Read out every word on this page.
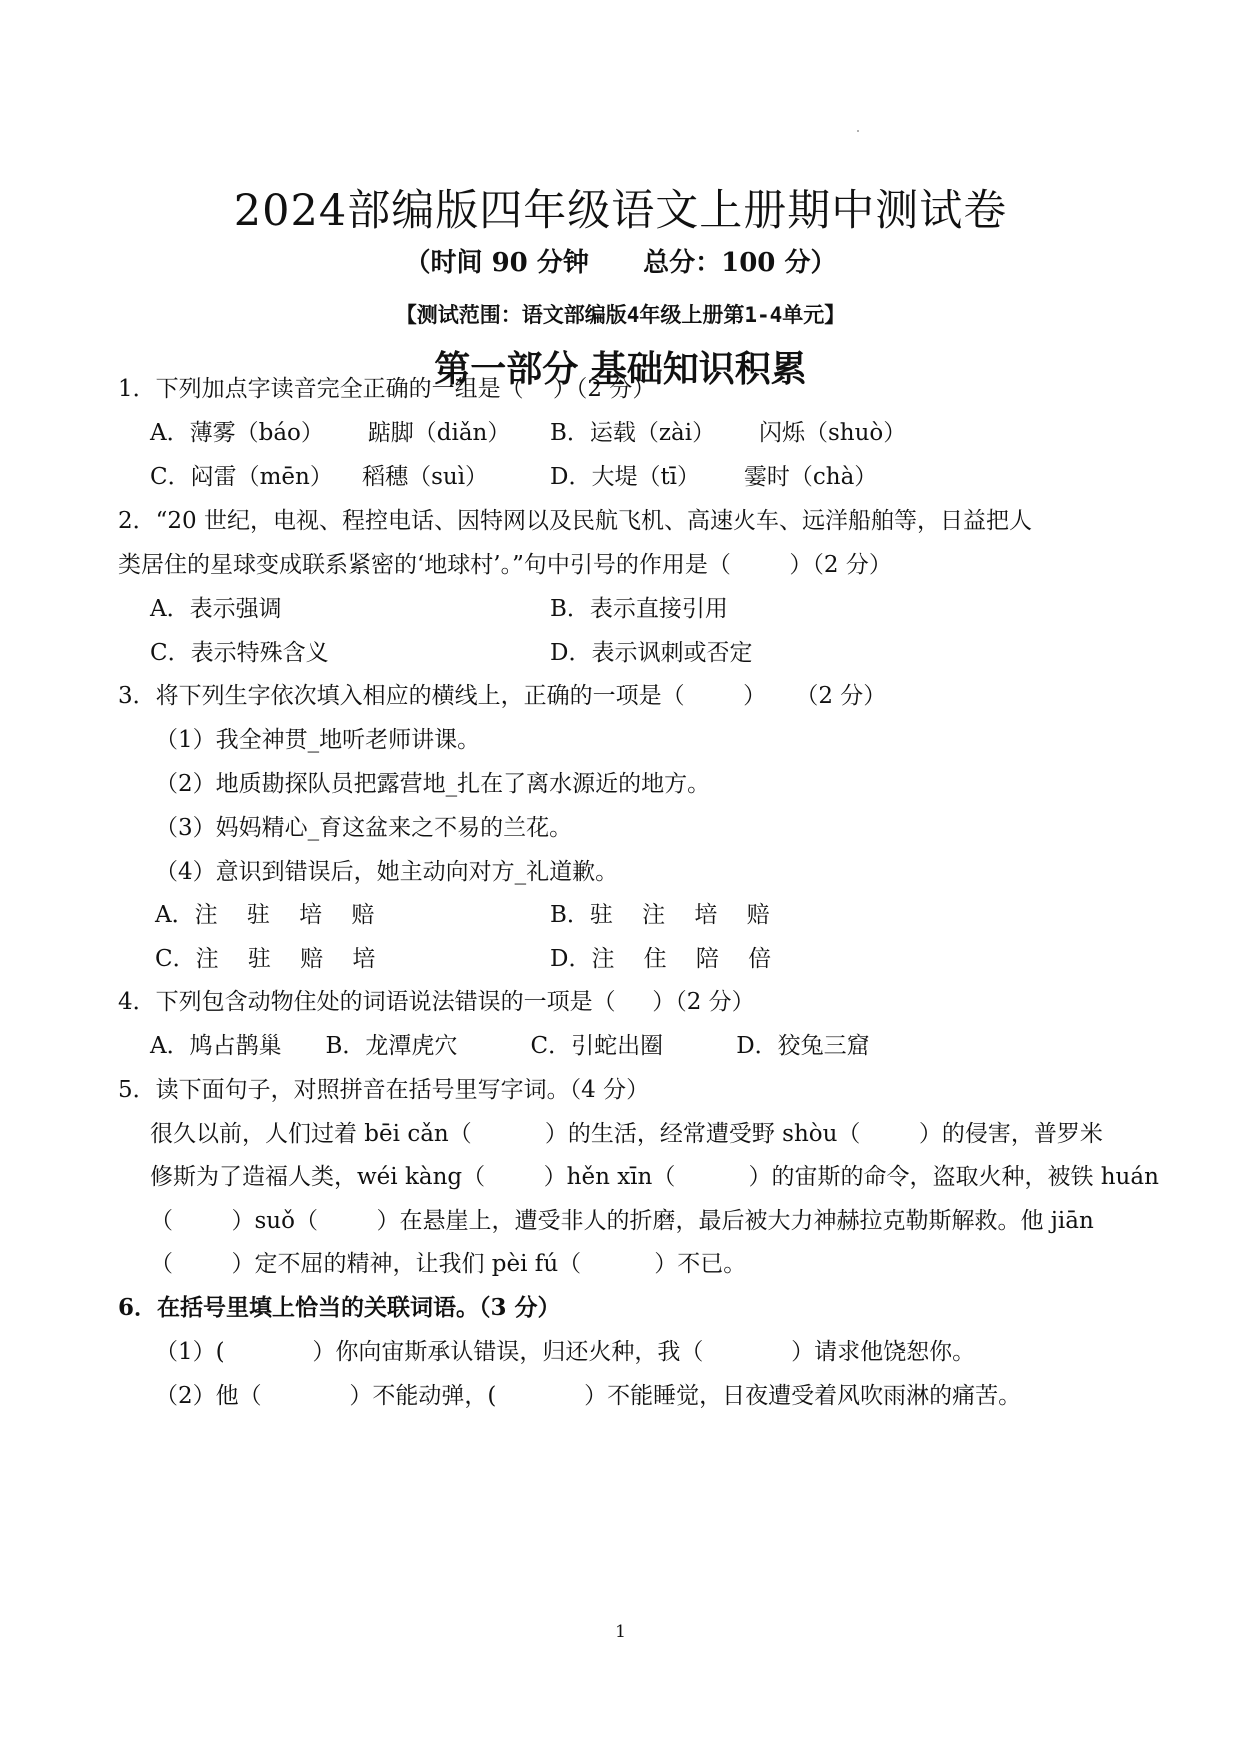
2024部编版四年级语文上册期中测试卷
（时间 90 分钟      总分：100 分）
【测试范围：语文部编版4年级上册第1-4单元】
第一部分 基础知识积累
1．下列加点字读音完全正确的一组是（    ）（2 分）
A．薄雾（báo）      踮脚（diǎn） B．运载（zài）      闪烁（shuò）
C．闷雷（mēn）    稻穗（suì）	D．大堤（tī）      霎时（chà）
2．“20 世纪，电视、程控电话、因特网以及民航飞机、高速火车、远洋船舶等，日益把人
类居住的星球变成联系紧密的‘地球村’。”句中引号的作用是（        ）（2 分）
A．表示强调	B．表示直接引用
C．表示特殊含义	D．表示讽刺或否定
3．将下列生字依次填入相应的横线上，正确的一项是（        ）    （2 分）
（1）我全神贯_地听老师讲课。
（2）地质勘探队员把露营地_扎在了离水源近的地方。
（3）妈妈精心_育这盆来之不易的兰花。
（4）意识到错误后，她主动向对方_礼道歉。
A．注    驻    培    赔	B．驻    注    培    赔
C．注    驻    赔    培	D．注    住    陪    倍
4．下列包含动物住处的词语说法错误的一项是（     ）（2 分）
A．鸠占鹊巢      B．龙潭虎穴          C．引蛇出圈          D．狡兔三窟
5．读下面句子，对照拼音在括号里写字词。（4 分）
很久以前，人们过着 bēi cǎn（          ）的生活，经常遭受野 shòu（        ）的侵害，普罗米
修斯为了造福人类，wéi kàng（        ）hěn xīn（          ）的宙斯的命令，盗取火种，被铁 huán
（        ）suǒ（        ）在悬崖上，遭受非人的折磨，最后被大力神赫拉克勒斯解救。他 jiān
（        ）定不屈的精神，让我们 pèi fú（          ）不已。
6．在括号里填上恰当的关联词语。（3 分）
（1）(            ）你向宙斯承认错误，归还火种，我（            ）请求他饶恕你。
（2）他（            ）不能动弹，(            ）不能睡觉，日夜遭受着风吹雨淋的痛苦。
1
